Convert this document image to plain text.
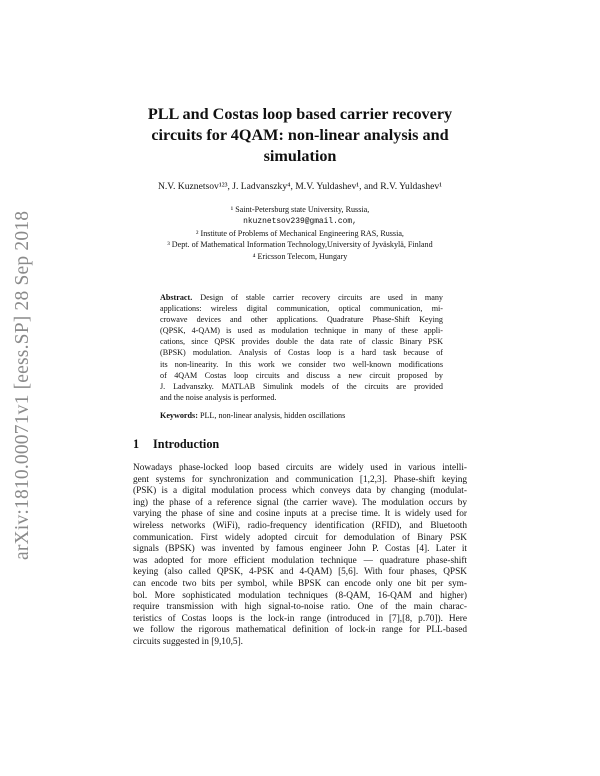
arXiv:1810.00071v1 [eess.SP] 28 Sep 2018
PLL and Costas loop based carrier recovery
circuits for 4QAM: non-linear analysis and
simulation
N.V. Kuznetsov¹²³, J. Ladvanszky⁴, M.V. Yuldashev¹, and R.V. Yuldashev¹
¹ Saint-Petersburg state University, Russia,
nkuznetsov239@gmail.com,
² Institute of Problems of Mechanical Engineering RAS, Russia,
³ Dept. of Mathematical Information Technology,University of Jyväskylä, Finland
⁴ Ericsson Telecom, Hungary
Abstract. Design of stable carrier recovery circuits are used in many
applications: wireless digital communication, optical communication, mi-
crowave devices and other applications. Quadrature Phase-Shift Keying
(QPSK, 4-QAM) is used as modulation technique in many of these appli-
cations, since QPSK provides double the data rate of classic Binary PSK
(BPSK) modulation. Analysis of Costas loop is a hard task because of
its non-linearity. In this work we consider two well-known modifications
of 4QAM Costas loop circuits and discuss a new circuit proposed by
J. Ladvanszky. MATLAB Simulink models of the circuits are provided
and the noise analysis is performed.
Keywords: PLL, non-linear analysis, hidden oscillations
1 Introduction
Nowadays phase-locked loop based circuits are widely used in various intelli-
gent systems for synchronization and communication [1,2,3]. Phase-shift keying
(PSK) is a digital modulation process which conveys data by changing (modulat-
ing) the phase of a reference signal (the carrier wave). The modulation occurs by
varying the phase of sine and cosine inputs at a precise time. It is widely used for
wireless networks (WiFi), radio-frequency identification (RFID), and Bluetooth
communication. First widely adopted circuit for demodulation of Binary PSK
signals (BPSK) was invented by famous engineer John P. Costas [4]. Later it
was adopted for more efficient modulation technique — quadrature phase-shift
keying (also called QPSK, 4-PSK and 4-QAM) [5,6]. With four phases, QPSK
can encode two bits per symbol, while BPSK can encode only one bit per sym-
bol. More sophisticated modulation techniques (8-QAM, 16-QAM and higher)
require transmission with high signal-to-noise ratio. One of the main charac-
teristics of Costas loops is the lock-in range (introduced in [7],[8, p.70]). Here
we follow the rigorous mathematical definition of lock-in range for PLL-based
circuits suggested in [9,10,5].
